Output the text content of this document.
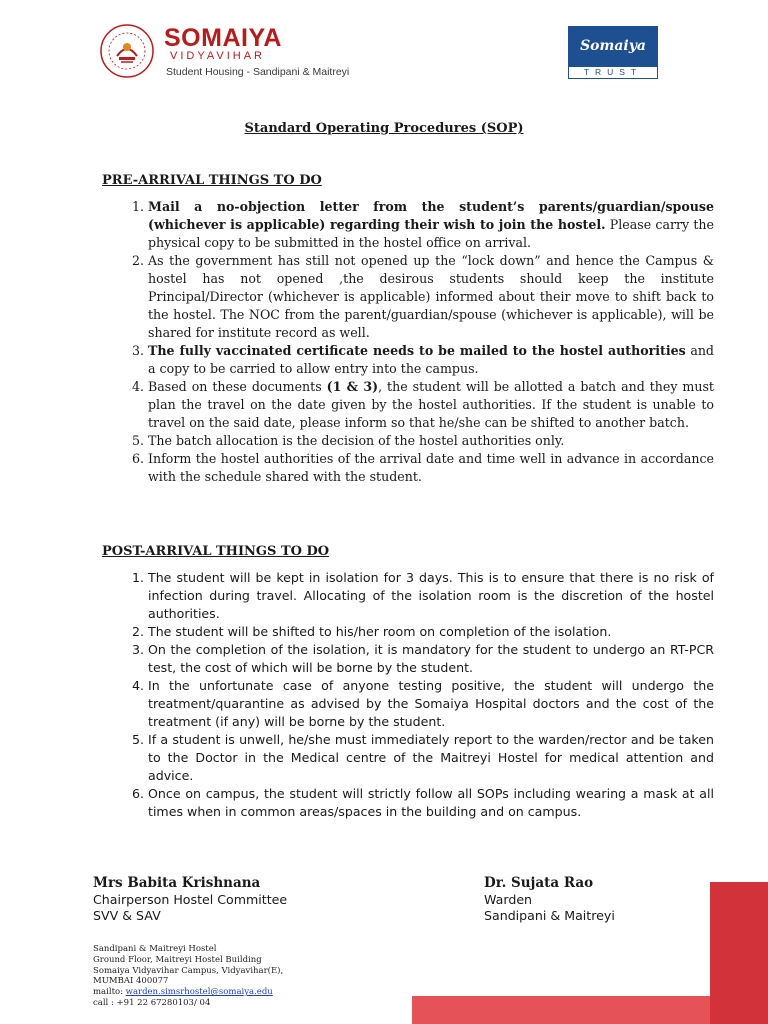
SOMAIYA
VIDYAVIHAR
Student Housing - Sandipani & Maitreyi
Somaiya
TRUST
Standard Operating Procedures (SOP)
PRE-ARRIVAL THINGS TO DO
1. Mail a no-objection letter from the student’s parents/guardian/spouse (whichever is applicable) regarding their wish to join the hostel. Please carry the physical copy to be submitted in the hostel office on arrival.
2. As the government has still not opened up the “lock down” and hence the Campus & hostel has not opened ,the desirous students should keep the institute Principal/Director (whichever is applicable) informed about their move to shift back to the hostel. The NOC from the parent/guardian/spouse (whichever is applicable), will be shared for institute record as well.
3. The fully vaccinated certificate needs to be mailed to the hostel authorities and a copy to be carried to allow entry into the campus.
4. Based on these documents (1 & 3), the student will be allotted a batch and they must plan the travel on the date given by the hostel authorities. If the student is unable to travel on the said date, please inform so that he/she can be shifted to another batch.
5. The batch allocation is the decision of the hostel authorities only.
6. Inform the hostel authorities of the arrival date and time well in advance in accordance with the schedule shared with the student.
POST-ARRIVAL THINGS TO DO
1. The student will be kept in isolation for 3 days. This is to ensure that there is no risk of infection during travel. Allocating of the isolation room is the discretion of the hostel authorities.
2. The student will be shifted to his/her room on completion of the isolation.
3. On the completion of the isolation, it is mandatory for the student to undergo an RT-PCR test, the cost of which will be borne by the student.
4. In the unfortunate case of anyone testing positive, the student will undergo the treatment/quarantine as advised by the Somaiya Hospital doctors and the cost of the treatment (if any) will be borne by the student.
5. If a student is unwell, he/she must immediately report to the warden/rector and be taken to the Doctor in the Medical centre of the Maitreyi Hostel for medical attention and advice.
6. Once on campus, the student will strictly follow all SOPs including wearing a mask at all times when in common areas/spaces in the building and on campus.
Mrs Babita Krishnana
Chairperson Hostel Committee
SVV & SAV
Dr. Sujata Rao
Warden
Sandipani & Maitreyi
Sandipani & Maitreyi Hostel
Ground Floor, Maitreyi Hostel Building
Somaiya Vidyavihar Campus, Vidyavihar(E),
MUMBAI 400077
mailto: warden.simsrhostel@somaiya.edu
call : +91 22 67280103/ 04
